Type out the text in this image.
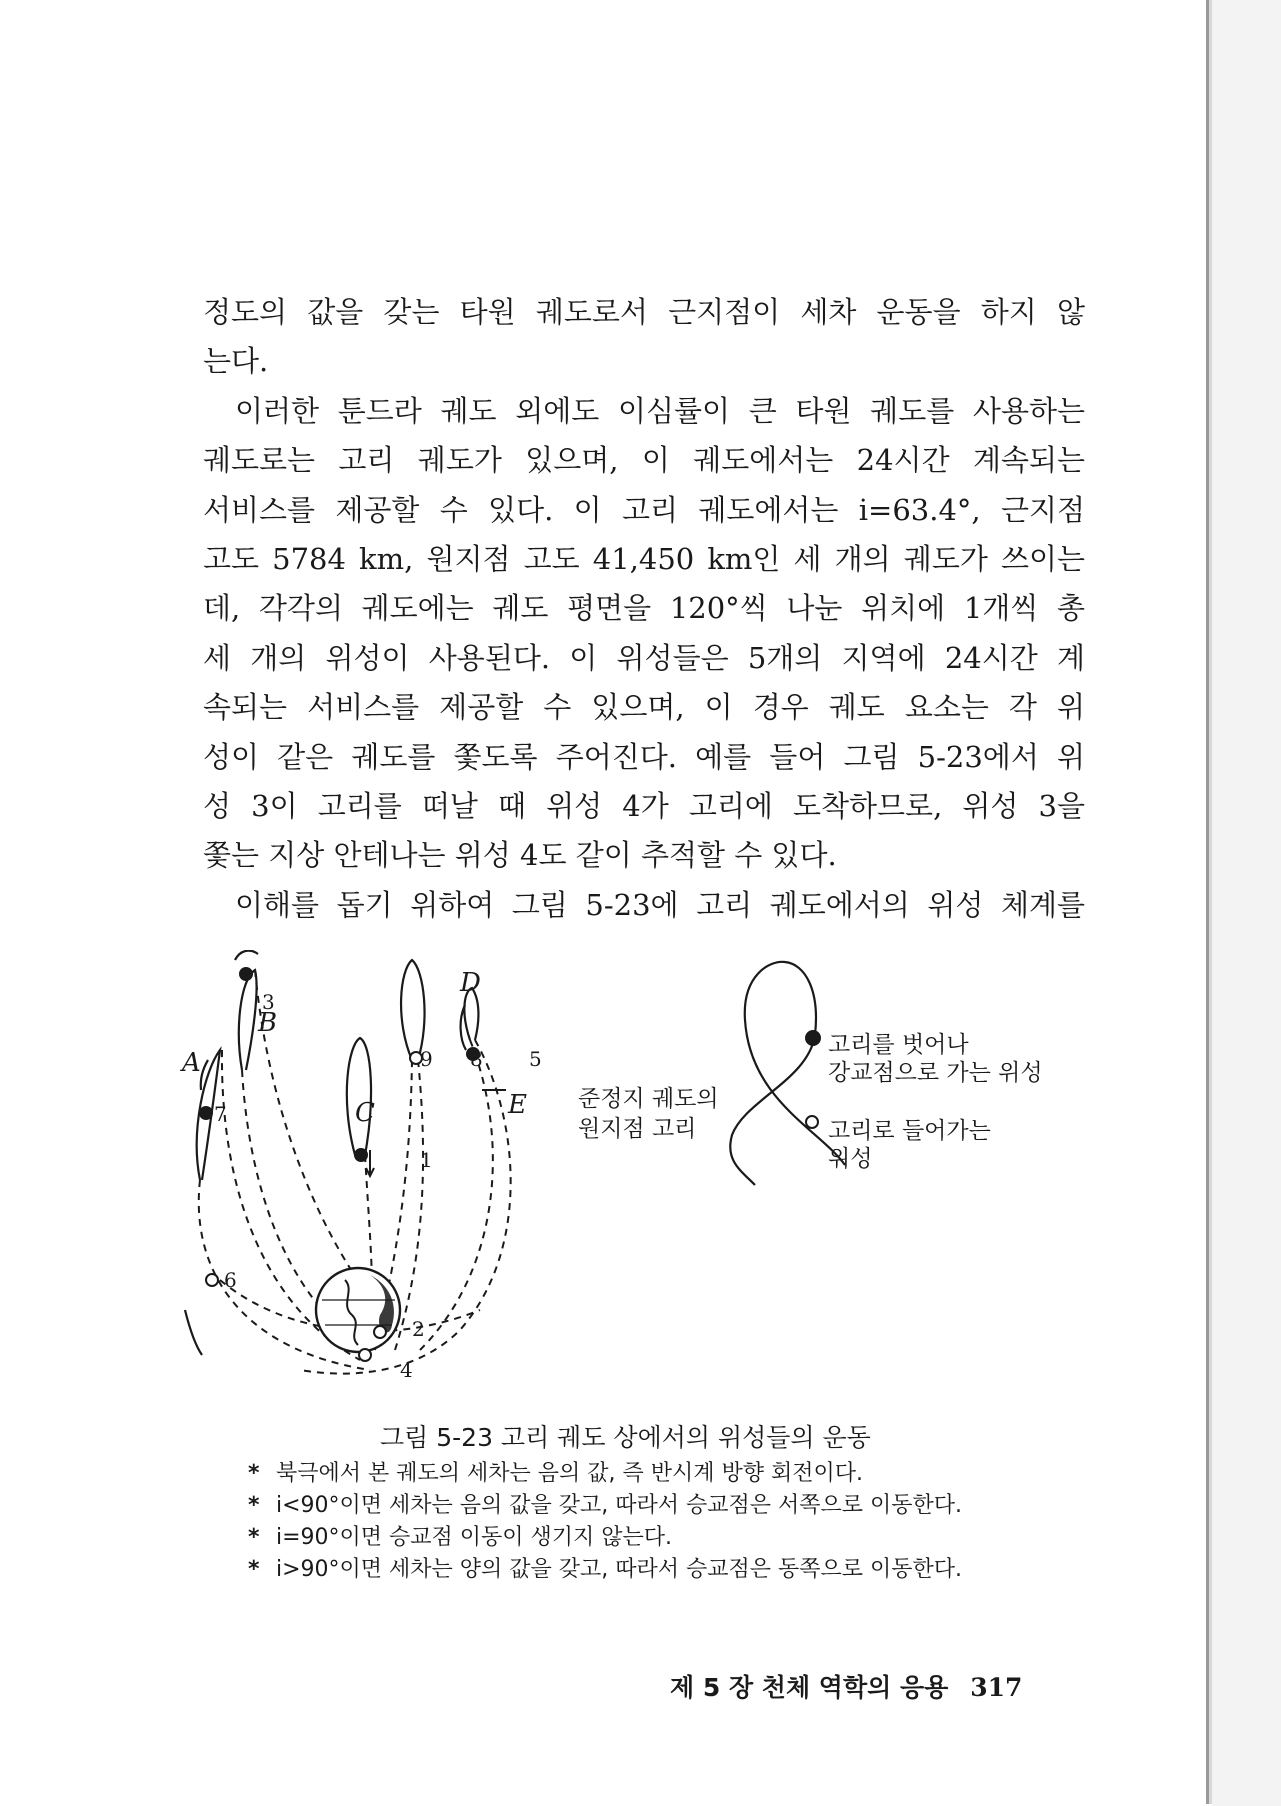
정도의 값을 갖는 타원 궤도로서 근지점이 세차 운동을 하지 않
는다.
이러한 툰드라 궤도 외에도 이심률이 큰 타원 궤도를 사용하는
궤도로는 고리 궤도가 있으며, 이 궤도에서는 24시간 계속되는
서비스를 제공할 수 있다. 이 고리 궤도에서는 i=63.4°, 근지점
고도 5784 km, 원지점 고도 41,450 km인 세 개의 궤도가 쓰이는
데, 각각의 궤도에는 궤도 평면을 120°씩 나눈 위치에 1개씩 총
세 개의 위성이 사용된다. 이 위성들은 5개의 지역에 24시간 계
속되는 서비스를 제공할 수 있으며, 이 경우 궤도 요소는 각 위
성이 같은 궤도를 쫓도록 주어진다. 예를 들어 그림 5-23에서 위
성 3이 고리를 떠날 때 위성 4가 고리에 도착하므로, 위성 3을
쫓는 지상 안테나는 위성 4도 같이 추적할 수 있다.
이해를 돕기 위하여 그림 5-23에 고리 궤도에서의 위성 체계를
A
B
C
D
E
3
7
1
9 8 5
6
2
4
준정지 궤도의
원지점 고리
고리를 벗어나
강교점으로 가는 위성
고리로 들어가는
위성
그림 5-23 고리 궤도 상에서의 위성들의 운동
* 북극에서 본 궤도의 세차는 음의 값, 즉 반시계 방향 회전이다.
* i<90°이면 세차는 음의 값을 갖고, 따라서 승교점은 서쪽으로 이동한다.
* i=90°이면 승교점 이동이 생기지 않는다.
* i>90°이면 세차는 양의 값을 갖고, 따라서 승교점은 동쪽으로 이동한다.
제 5 장 천체 역학의 응용 317
